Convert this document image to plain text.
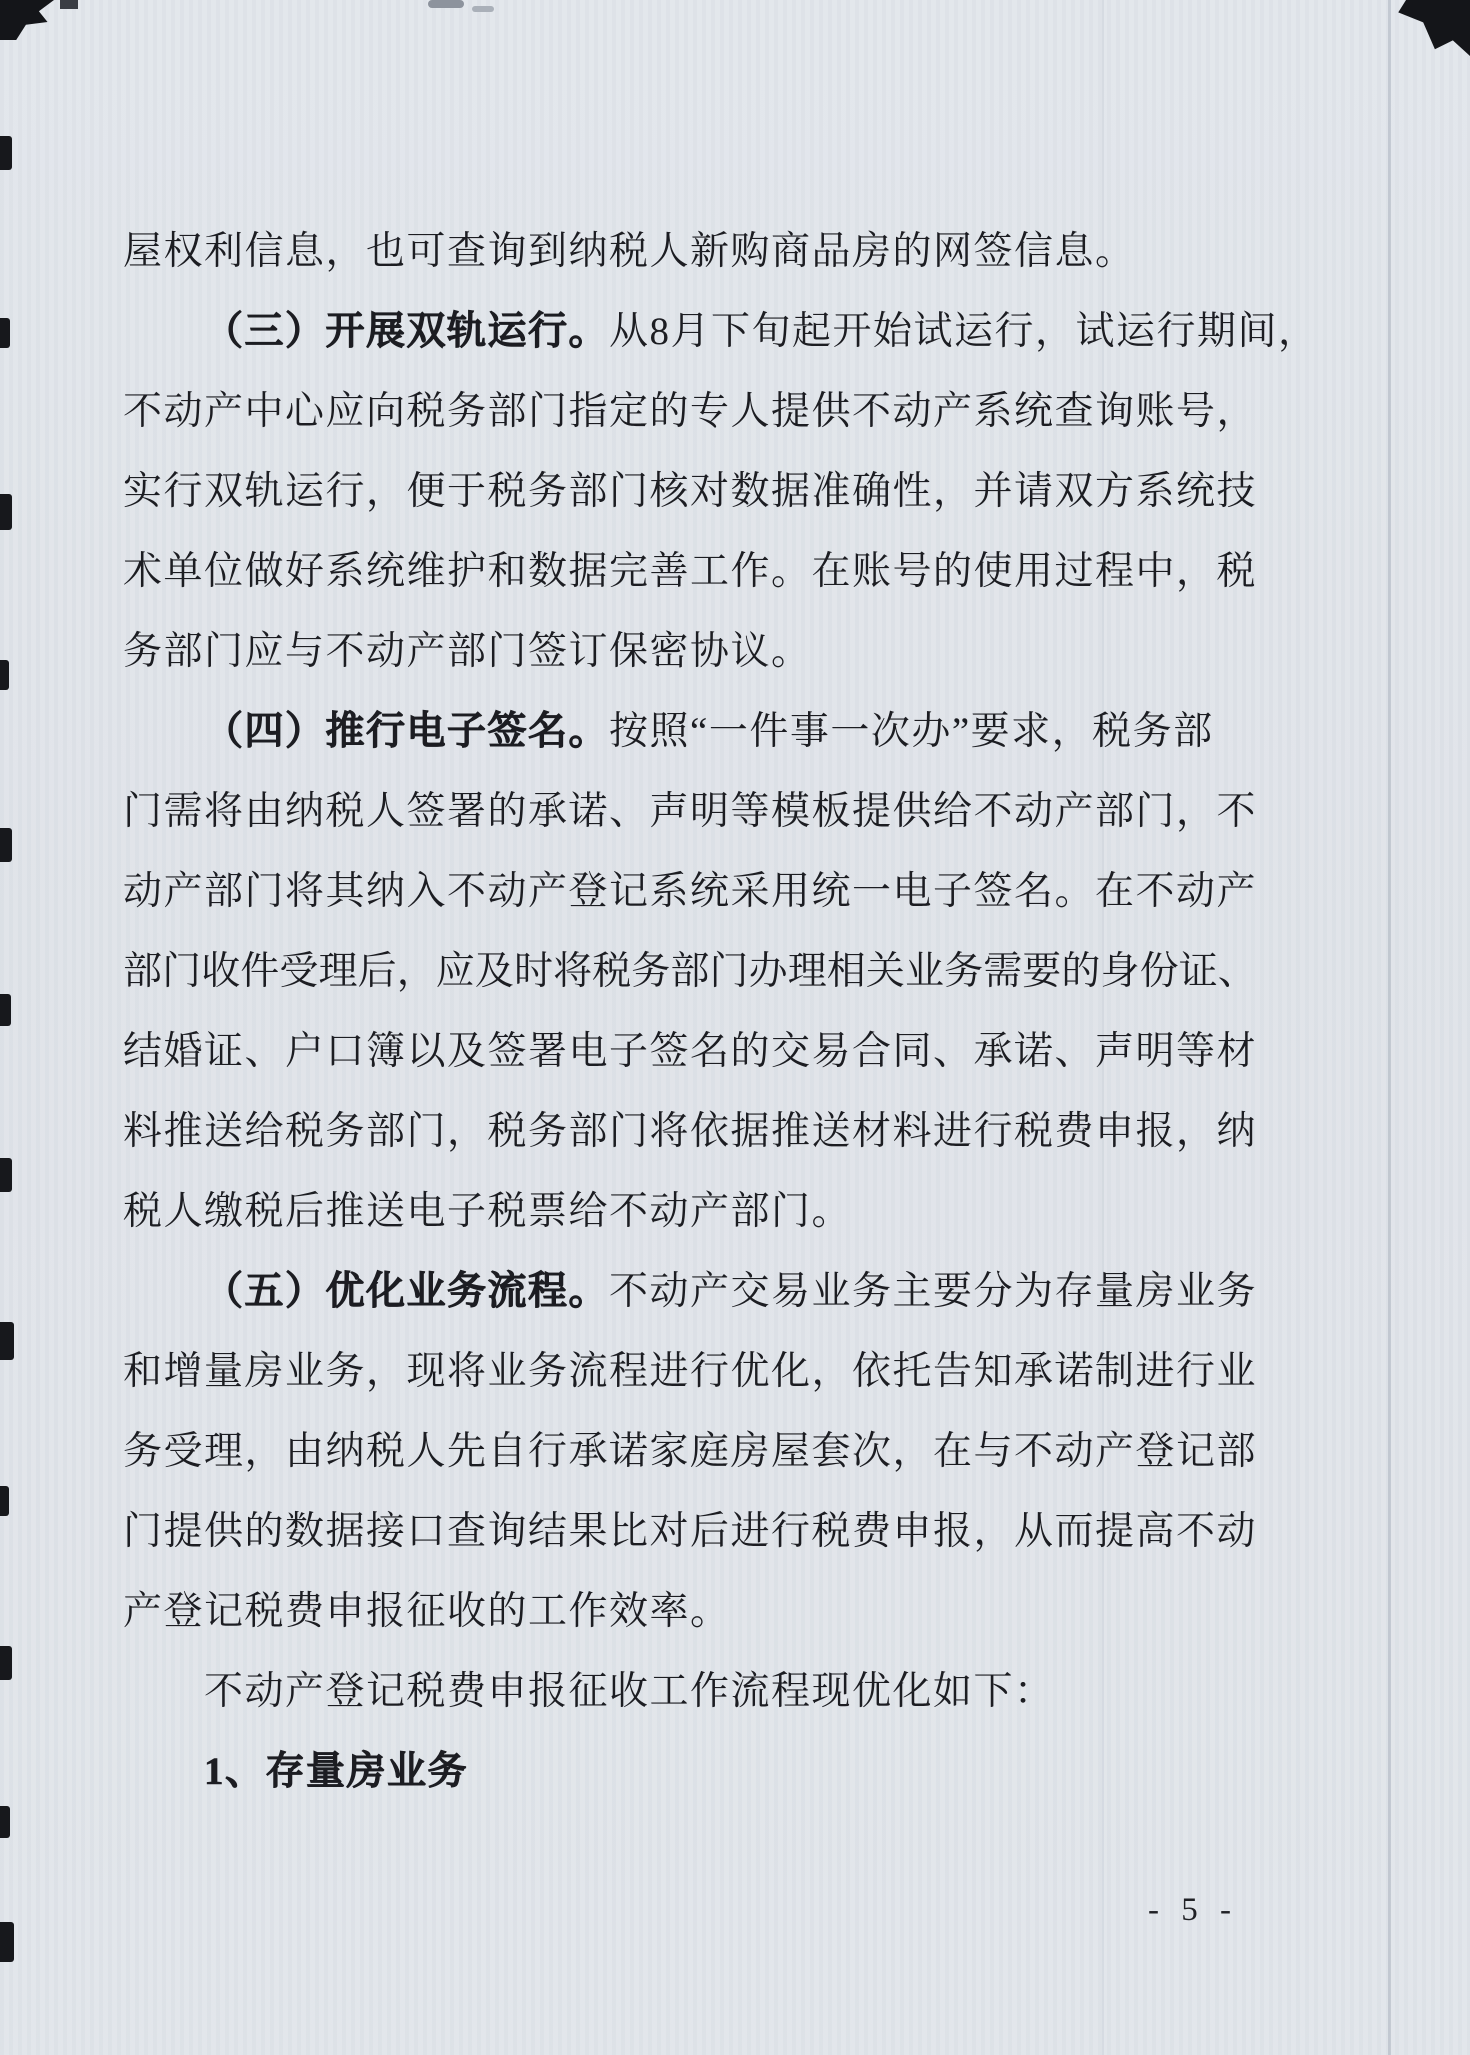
屋权利信息，也可查询到纳税人新购商品房的网签信息。
（三）开展双轨运行。从8月下旬起开始试运行，试运行期间，
不动产中心应向税务部门指定的专人提供不动产系统查询账号，
实行双轨运行，便于税务部门核对数据准确性，并请双方系统技
术单位做好系统维护和数据完善工作。在账号的使用过程中，税
务部门应与不动产部门签订保密协议。
（四）推行电子签名。按照“一件事一次办”要求，税务部
门需将由纳税人签署的承诺、声明等模板提供给不动产部门，不
动产部门将其纳入不动产登记系统采用统一电子签名。在不动产
部门收件受理后，应及时将税务部门办理相关业务需要的身份证、
结婚证、户口簿以及签署电子签名的交易合同、承诺、声明等材
料推送给税务部门，税务部门将依据推送材料进行税费申报，纳
税人缴税后推送电子税票给不动产部门。
（五）优化业务流程。不动产交易业务主要分为存量房业务
和增量房业务，现将业务流程进行优化，依托告知承诺制进行业
务受理，由纳税人先自行承诺家庭房屋套次，在与不动产登记部
门提供的数据接口查询结果比对后进行税费申报，从而提高不动
产登记税费申报征收的工作效率。
不动产登记税费申报征收工作流程现优化如下：
1、存量房业务
- 5 -
